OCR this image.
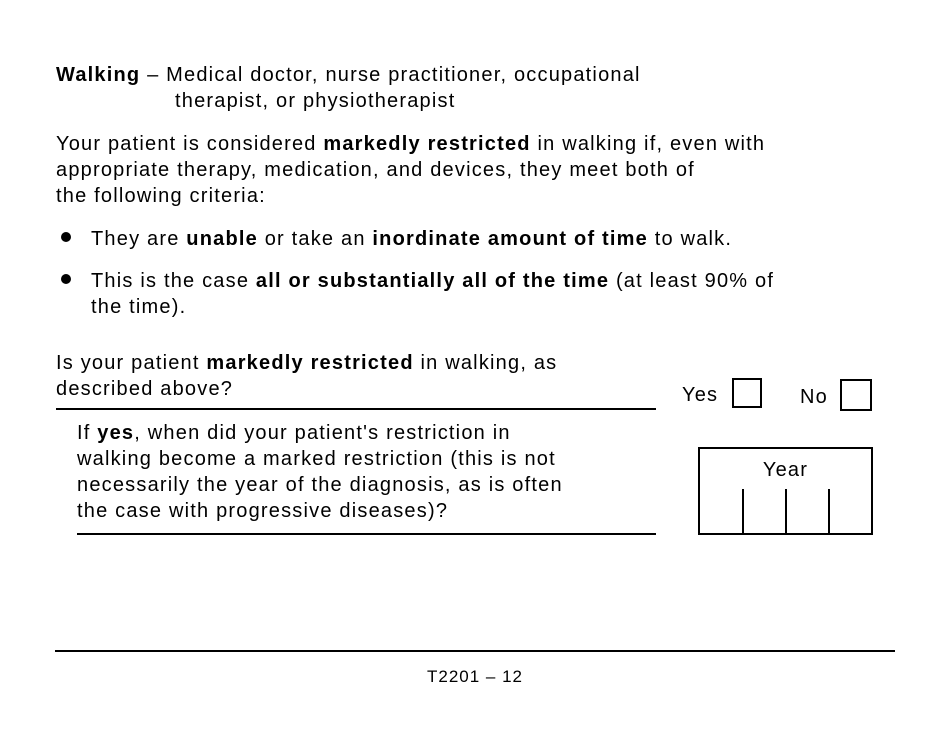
Walking – Medical doctor, nurse practitioner, occupational
therapist, or physiotherapist
Your patient is considered markedly restricted in walking if, even with
appropriate therapy, medication, and devices, they meet both of
the following criteria:
They are unable or take an inordinate amount of time to walk.
This is the case all or substantially all of the time (at least 90% of
the time).
Is your patient markedly restricted in walking, as
described above?	Yes	No
If yes, when did your patient's restriction in
walking become a marked restriction (this is not
necessarily the year of the diagnosis, as is often
the case with progressive diseases)?
Year
T2201 – 12
